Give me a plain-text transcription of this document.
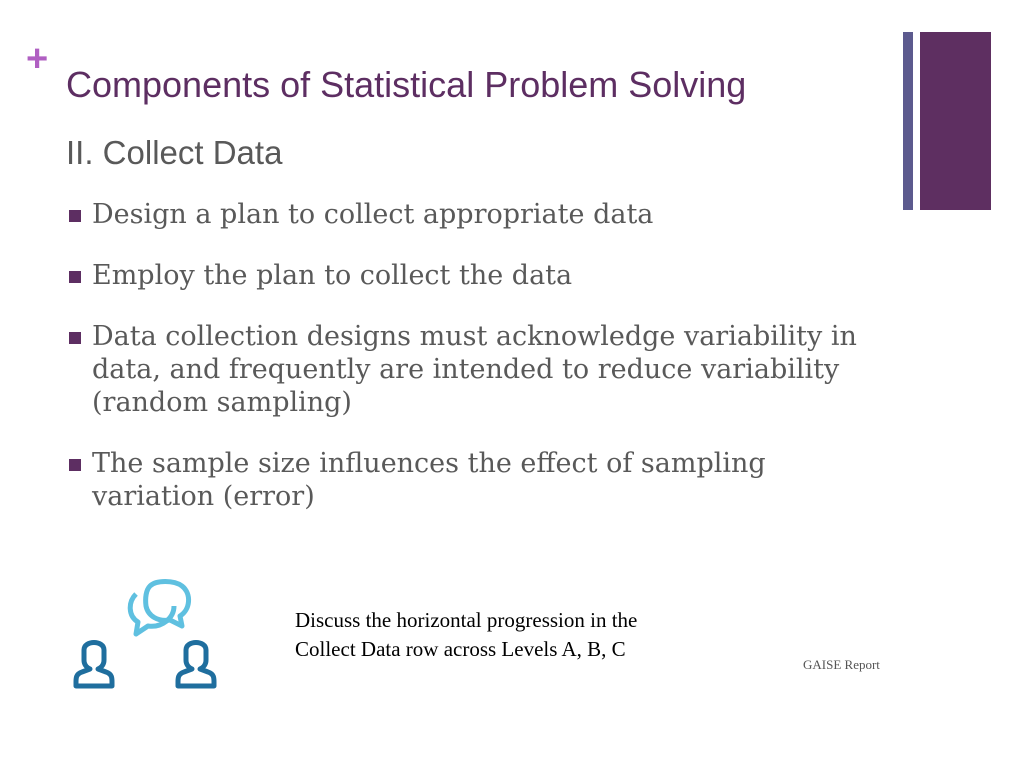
+
Components of Statistical Problem Solving
II. Collect Data
Design a plan to collect appropriate data
Employ the plan to collect the data
Data collection designs must acknowledge variability in data, and frequently are intended to reduce variability (random sampling)
The sample size influences the effect of sampling variation (error)
Discuss the horizontal progression in the
Collect Data row across Levels A, B, C
GAISE Report
